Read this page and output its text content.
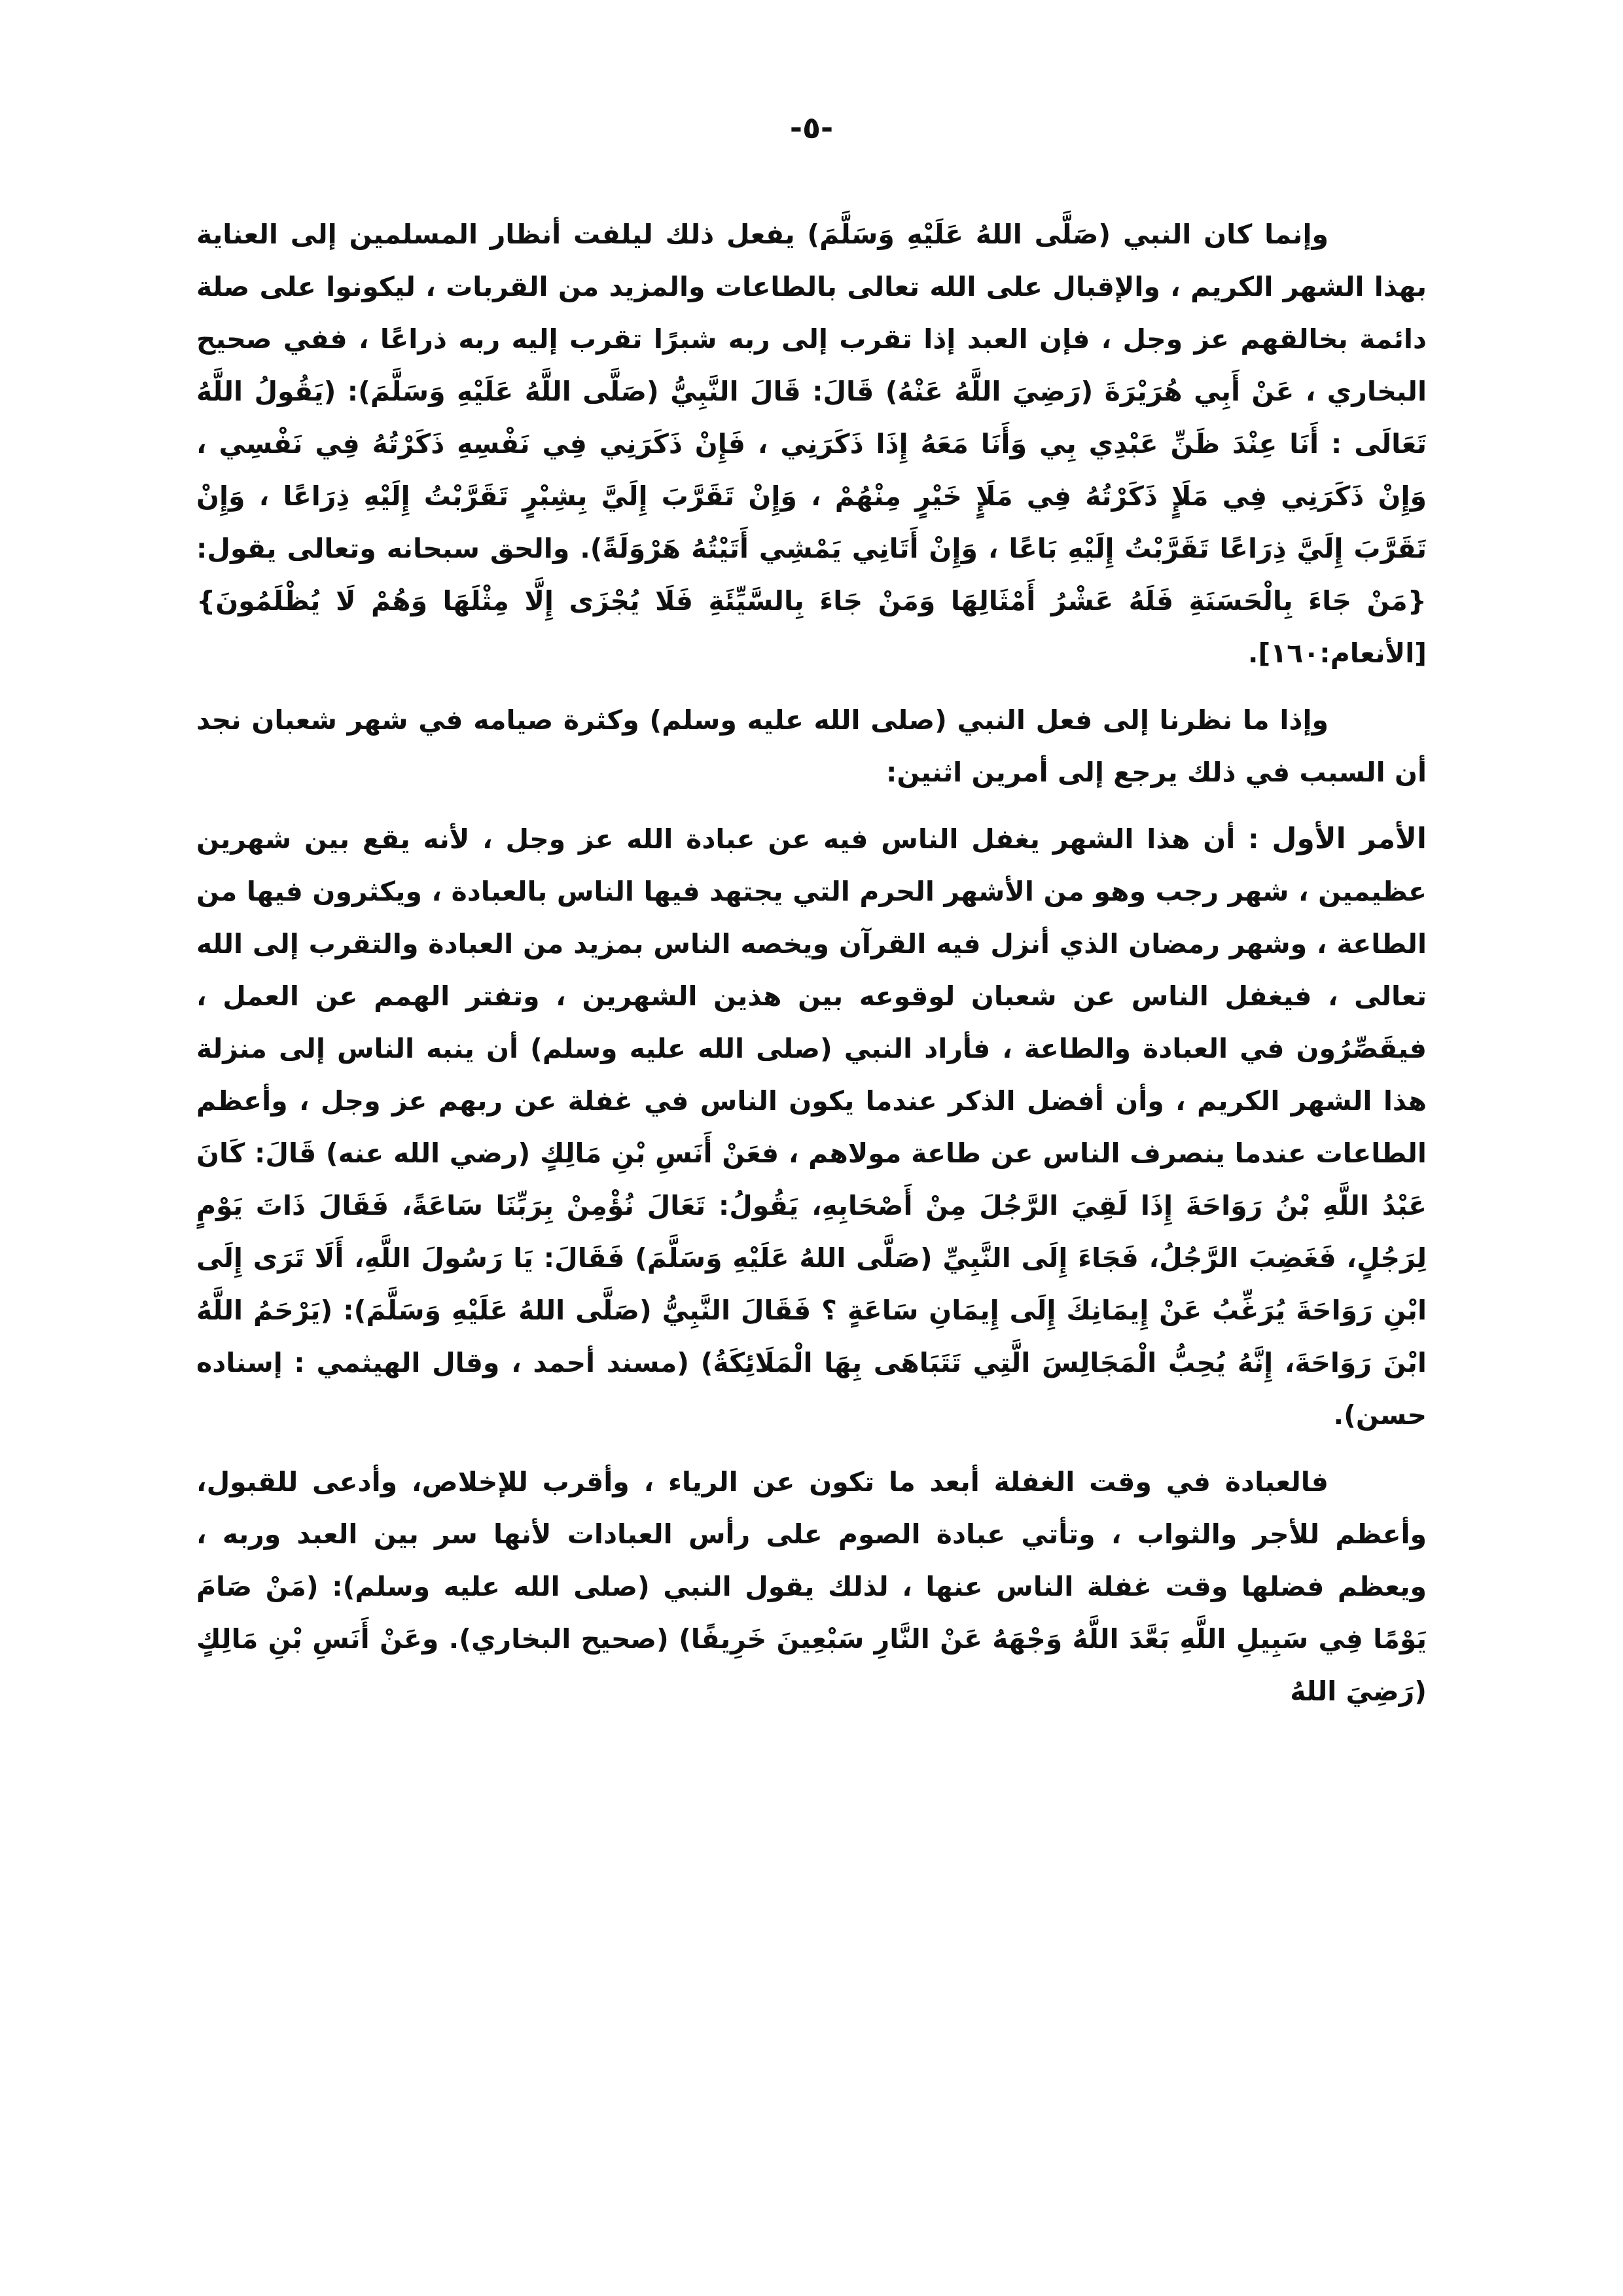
-٥-

وإنما كان النبي (صَلَّى اللهُ عَلَيْهِ وَسَلَّمَ) يفعل ذلك ليلفت أنظار المسلمين إلى العناية بهذا الشهر الكريم ، والإقبال على الله تعالى بالطاعات والمزيد من القربات ، ليكونوا على صلة دائمة بخالقهم عز وجل ، فإن العبد إذا تقرب إلى ربه شبرًا تقرب إليه ربه ذراعًا ، ففي صحيح البخاري ، عَنْ أَبِي هُرَيْرَةَ (رَضِيَ اللَّهُ عَنْهُ) قَالَ: قَالَ النَّبِيُّ (صَلَّى اللَّهُ عَلَيْهِ وَسَلَّمَ): (يَقُولُ اللَّهُ تَعَالَى : أَنَا عِنْدَ ظَنِّ عَبْدِي بِي وَأَنَا مَعَهُ إِذَا ذَكَرَنِي ، فَإِنْ ذَكَرَنِي فِي نَفْسِهِ ذَكَرْتُهُ فِي نَفْسِي ، وَإِنْ ذَكَرَنِي فِي مَلَإٍ ذَكَرْتُهُ فِي مَلَإٍ خَيْرٍ مِنْهُمْ ، وَإِنْ تَقَرَّبَ إِلَيَّ بِشِبْرٍ تَقَرَّبْتُ إِلَيْهِ ذِرَاعًا ، وَإِنْ تَقَرَّبَ إِلَيَّ ذِرَاعًا تَقَرَّبْتُ إِلَيْهِ بَاعًا ، وَإِنْ أَتَانِي يَمْشِي أَتَيْتُهُ هَرْوَلَةً). والحق سبحانه وتعالى يقول: {مَنْ جَاءَ بِالْحَسَنَةِ فَلَهُ عَشْرُ أَمْثَالِهَا وَمَنْ جَاءَ بِالسَّيِّئَةِ فَلَا يُجْزَى إِلَّا مِثْلَهَا وَهُمْ لَا يُظْلَمُونَ}[الأنعام:١٦٠].

وإذا ما نظرنا إلى فعل النبي (صلى الله عليه وسلم) وكثرة صيامه في شهر شعبان نجد أن السبب في ذلك يرجع إلى أمرين اثنين:

الأمر الأول : أن هذا الشهر يغفل الناس فيه عن عبادة الله عز وجل ، لأنه يقع بين شهرين عظيمين ، شهر رجب وهو من الأشهر الحرم التي يجتهد فيها الناس بالعبادة ، ويكثرون فيها من الطاعة ، وشهر رمضان الذي أنزل فيه القرآن ويخصه الناس بمزيد من العبادة والتقرب إلى الله تعالى ، فيغفل الناس عن شعبان لوقوعه بين هذين الشهرين ، وتفتر الهمم عن العمل ، فيقَصِّرُون في العبادة والطاعة ، فأراد النبي (صلى الله عليه وسلم) أن ينبه الناس إلى منزلة هذا الشهر الكريم ، وأن أفضل الذكر عندما يكون الناس في غفلة عن ربهم عز وجل ، وأعظم الطاعات عندما ينصرف الناس عن طاعة مولاهم ، فعَنْ أَنَسِ بْنِ مَالِكٍ (رضي الله عنه) قَالَ: كَانَ عَبْدُ اللَّهِ بْنُ رَوَاحَةَ إِذَا لَقِيَ الرَّجُلَ مِنْ أَصْحَابِهِ، يَقُولُ: تَعَالَ نُؤْمِنْ بِرَبِّنَا سَاعَةً، فَقَالَ ذَاتَ يَوْمٍ لِرَجُلٍ، فَغَضِبَ الرَّجُلُ، فَجَاءَ إِلَى النَّبِيِّ (صَلَّى اللهُ عَلَيْهِ وَسَلَّمَ) فَقَالَ: يَا رَسُولَ اللَّهِ، أَلَا تَرَى إِلَى ابْنِ رَوَاحَةَ يُرَغِّبُ عَنْ إِيمَانِكَ إِلَى إِيمَانِ سَاعَةٍ ؟ فَقَالَ النَّبِيُّ (صَلَّى اللهُ عَلَيْهِ وَسَلَّمَ): (يَرْحَمُ اللَّهُ ابْنَ رَوَاحَةَ، إِنَّهُ يُحِبُّ الْمَجَالِسَ الَّتِي تَتَبَاهَى بِهَا الْمَلَائِكَةُ) (مسند أحمد ، وقال الهيثمي : إسناده حسن).

فالعبادة في وقت الغفلة أبعد ما تكون عن الرياء ، وأقرب للإخلاص، وأدعى للقبول، وأعظم للأجر والثواب ، وتأتي عبادة الصوم على رأس العبادات لأنها سر بين العبد وربه ، ويعظم فضلها وقت غفلة الناس عنها ، لذلك يقول النبي (صلى الله عليه وسلم): (مَنْ صَامَ يَوْمًا فِي سَبِيلِ اللَّهِ بَعَّدَ اللَّهُ وَجْهَهُ عَنْ النَّارِ سَبْعِينَ خَرِيفًا) (صحيح البخاري). وعَنْ أَنَسِ بْنِ مَالِكٍ (رَضِيَ اللهُ
